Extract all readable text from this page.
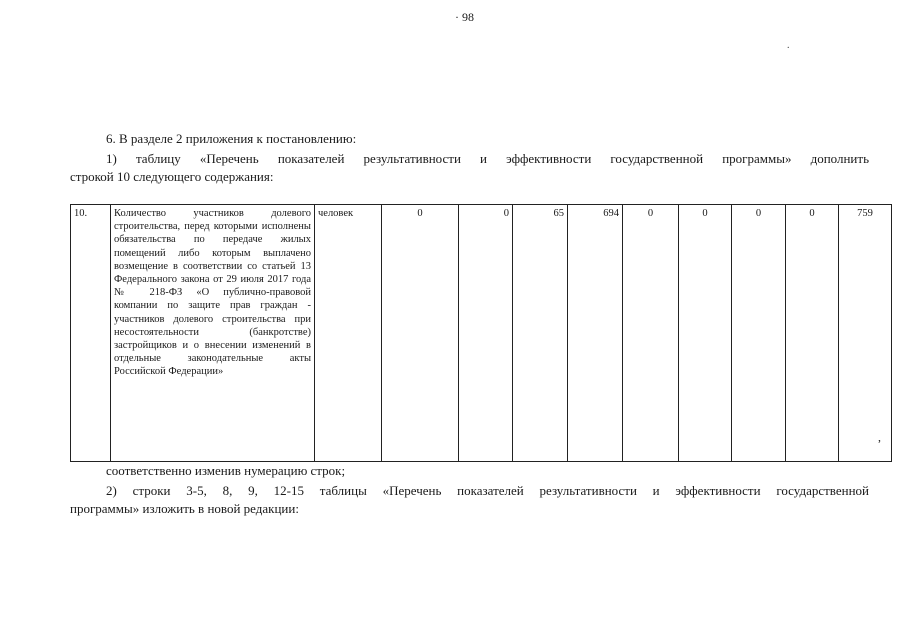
· 98
.

6. В разделе 2 приложения к постановлению:

1) таблицу «Перечень показателей результативности и эффективности государственной программы» дополнить

строкой 10 следующего содержания:

10.	Количество участников долевого строительства, перед которыми исполнены обязательства по передаче жилых помещений либо которым выплачено возмещение в соответствии со статьей 13 Федерального закона от 29 июля 2017 года № 218-ФЗ «О публично-правовой компании по защите прав граждан - участников долевого строительства при несостоятельности (банкротстве) застройщиков и о внесении изменений в отдельные законодательные акты Российской Федерации»	человек	0	0	65	694	0	0	0	0	759
,

соответственно изменив нумерацию строк;

2) строки 3-5, 8, 9, 12-15 таблицы «Перечень показателей результативности и эффективности государственной

программы» изложить в новой редакции:
